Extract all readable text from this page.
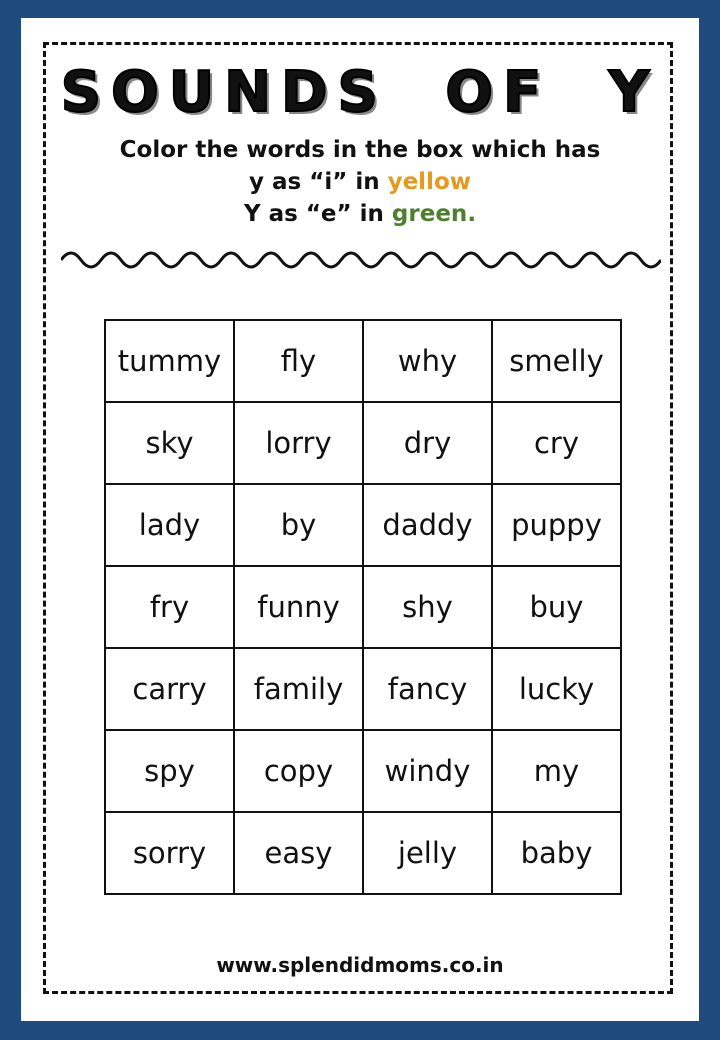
SOUNDS OF Y
Color the words in the box which has
y as “i” in yellow
Y as “e” in green.
tummy	fly	why	smelly
sky	lorry	dry	cry
lady	by	daddy	puppy
fry	funny	shy	buy
carry	family	fancy	lucky
spy	copy	windy	my
sorry	easy	jelly	baby
www.splendidmoms.co.in
